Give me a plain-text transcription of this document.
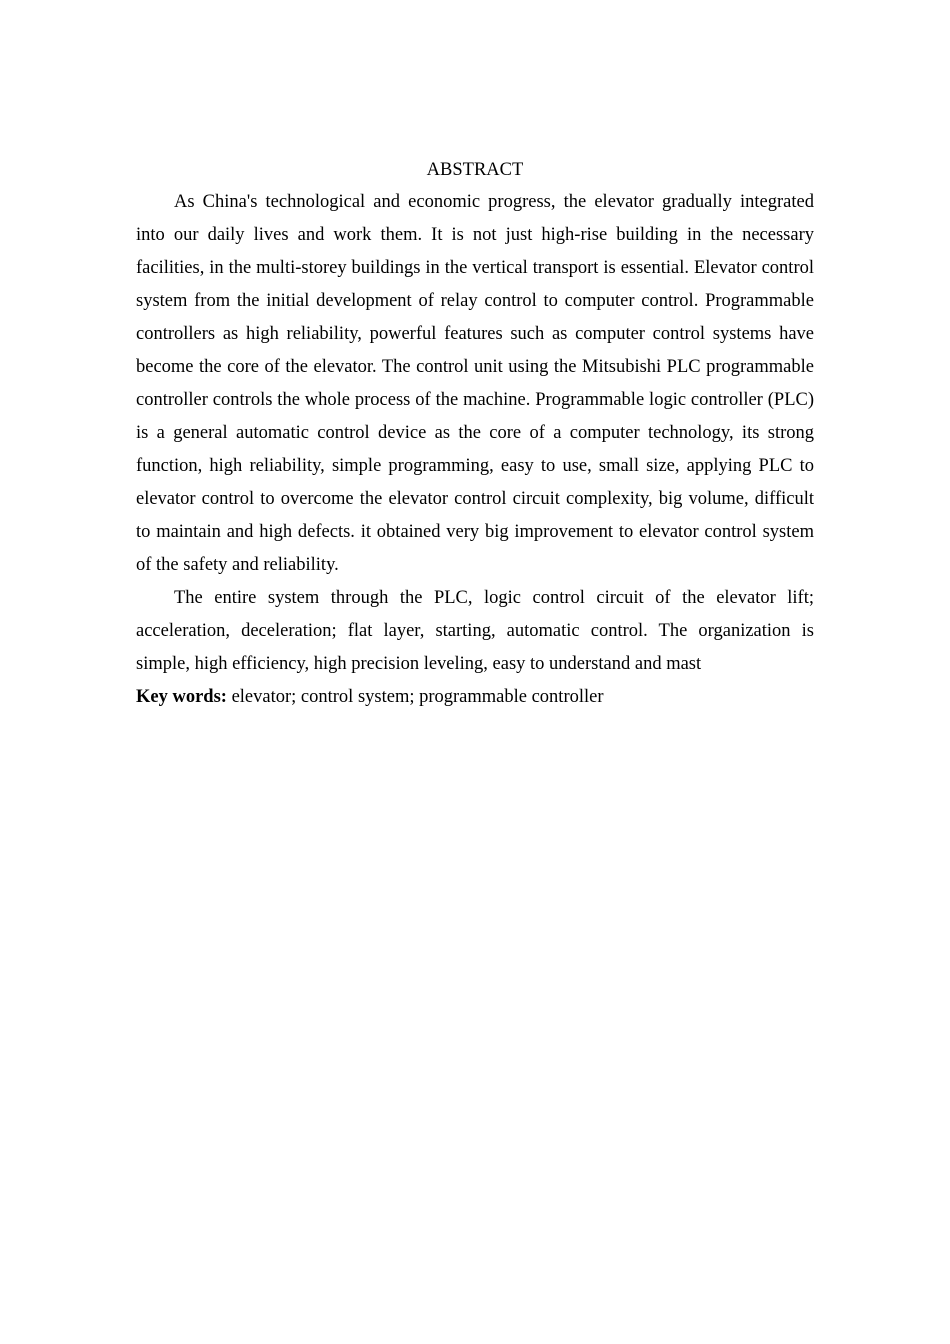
ABSTRACT

As China's technological and economic progress, the elevator gradually integrated into our daily lives and work them. It is not just high-rise building in the necessary facilities, in the multi-storey buildings in the vertical transport is essential. Elevator control system from the initial development of relay control to computer control. Programmable controllers as high reliability, powerful features such as computer control systems have become the core of the elevator. The control unit using the Mitsubishi PLC programmable controller controls the whole process of the machine. Programmable logic controller (PLC) is a general automatic control device as the core of a computer technology, its strong function, high reliability, simple programming, easy to use, small size, applying PLC to elevator control to overcome the elevator control circuit complexity, big volume, difficult to maintain and high defects. it obtained very big improvement to elevator control system of the safety and reliability.

The entire system through the PLC, logic control circuit of the elevator lift; acceleration, deceleration; flat layer, starting, automatic control. The organization is simple, high efficiency, high precision leveling, easy to understand and mast

Key words: elevator; control system; programmable controller
